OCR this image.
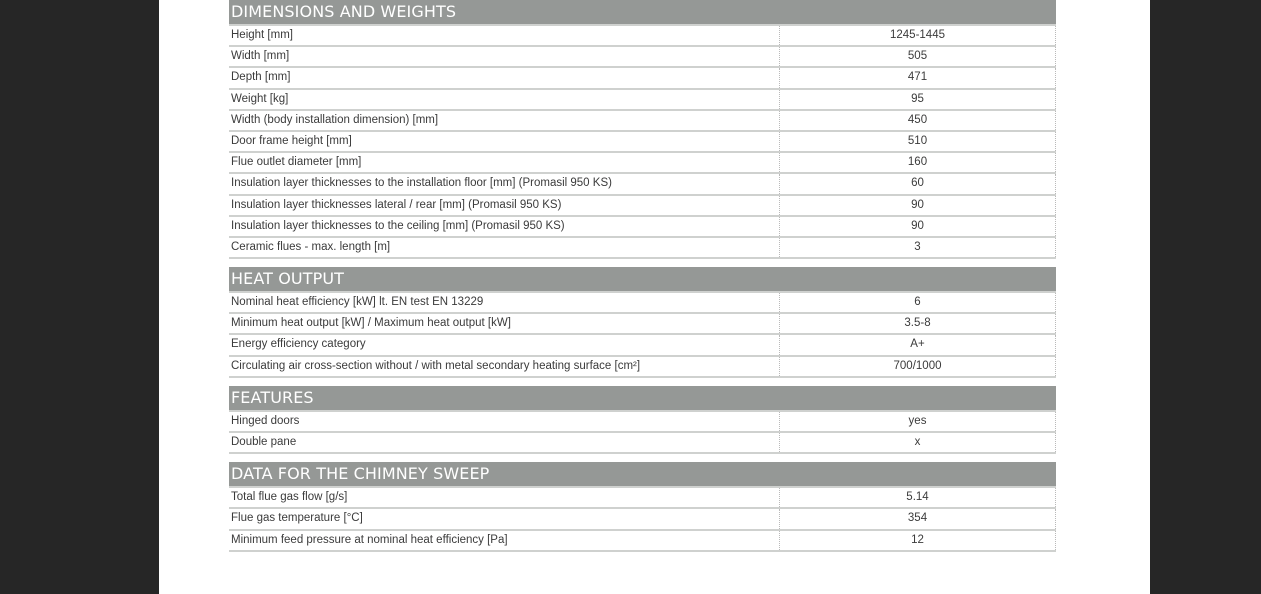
DIMENSIONS AND WEIGHTS
Height [mm]	1245-1445
Width [mm]	505
Depth [mm]	471
Weight [kg]	95
Width (body installation dimension) [mm]	450
Door frame height [mm]	510
Flue outlet diameter [mm]	160
Insulation layer thicknesses to the installation floor [mm] (Promasil 950 KS)	60
Insulation layer thicknesses lateral / rear [mm] (Promasil 950 KS)	90
Insulation layer thicknesses to the ceiling [mm] (Promasil 950 KS)	90
Ceramic flues - max. length [m]	3
HEAT OUTPUT
Nominal heat efficiency [kW] lt. EN test EN 13229	6
Minimum heat output [kW] / Maximum heat output [kW]	3.5-8
Energy efficiency category	A+
Circulating air cross-section without / with metal secondary heating surface [cm²]	700/1000
FEATURES
Hinged doors	yes
Double pane	x
DATA FOR THE CHIMNEY SWEEP
Total flue gas flow [g/s]	5.14
Flue gas temperature [°C]	354
Minimum feed pressure at nominal heat efficiency [Pa]	12
